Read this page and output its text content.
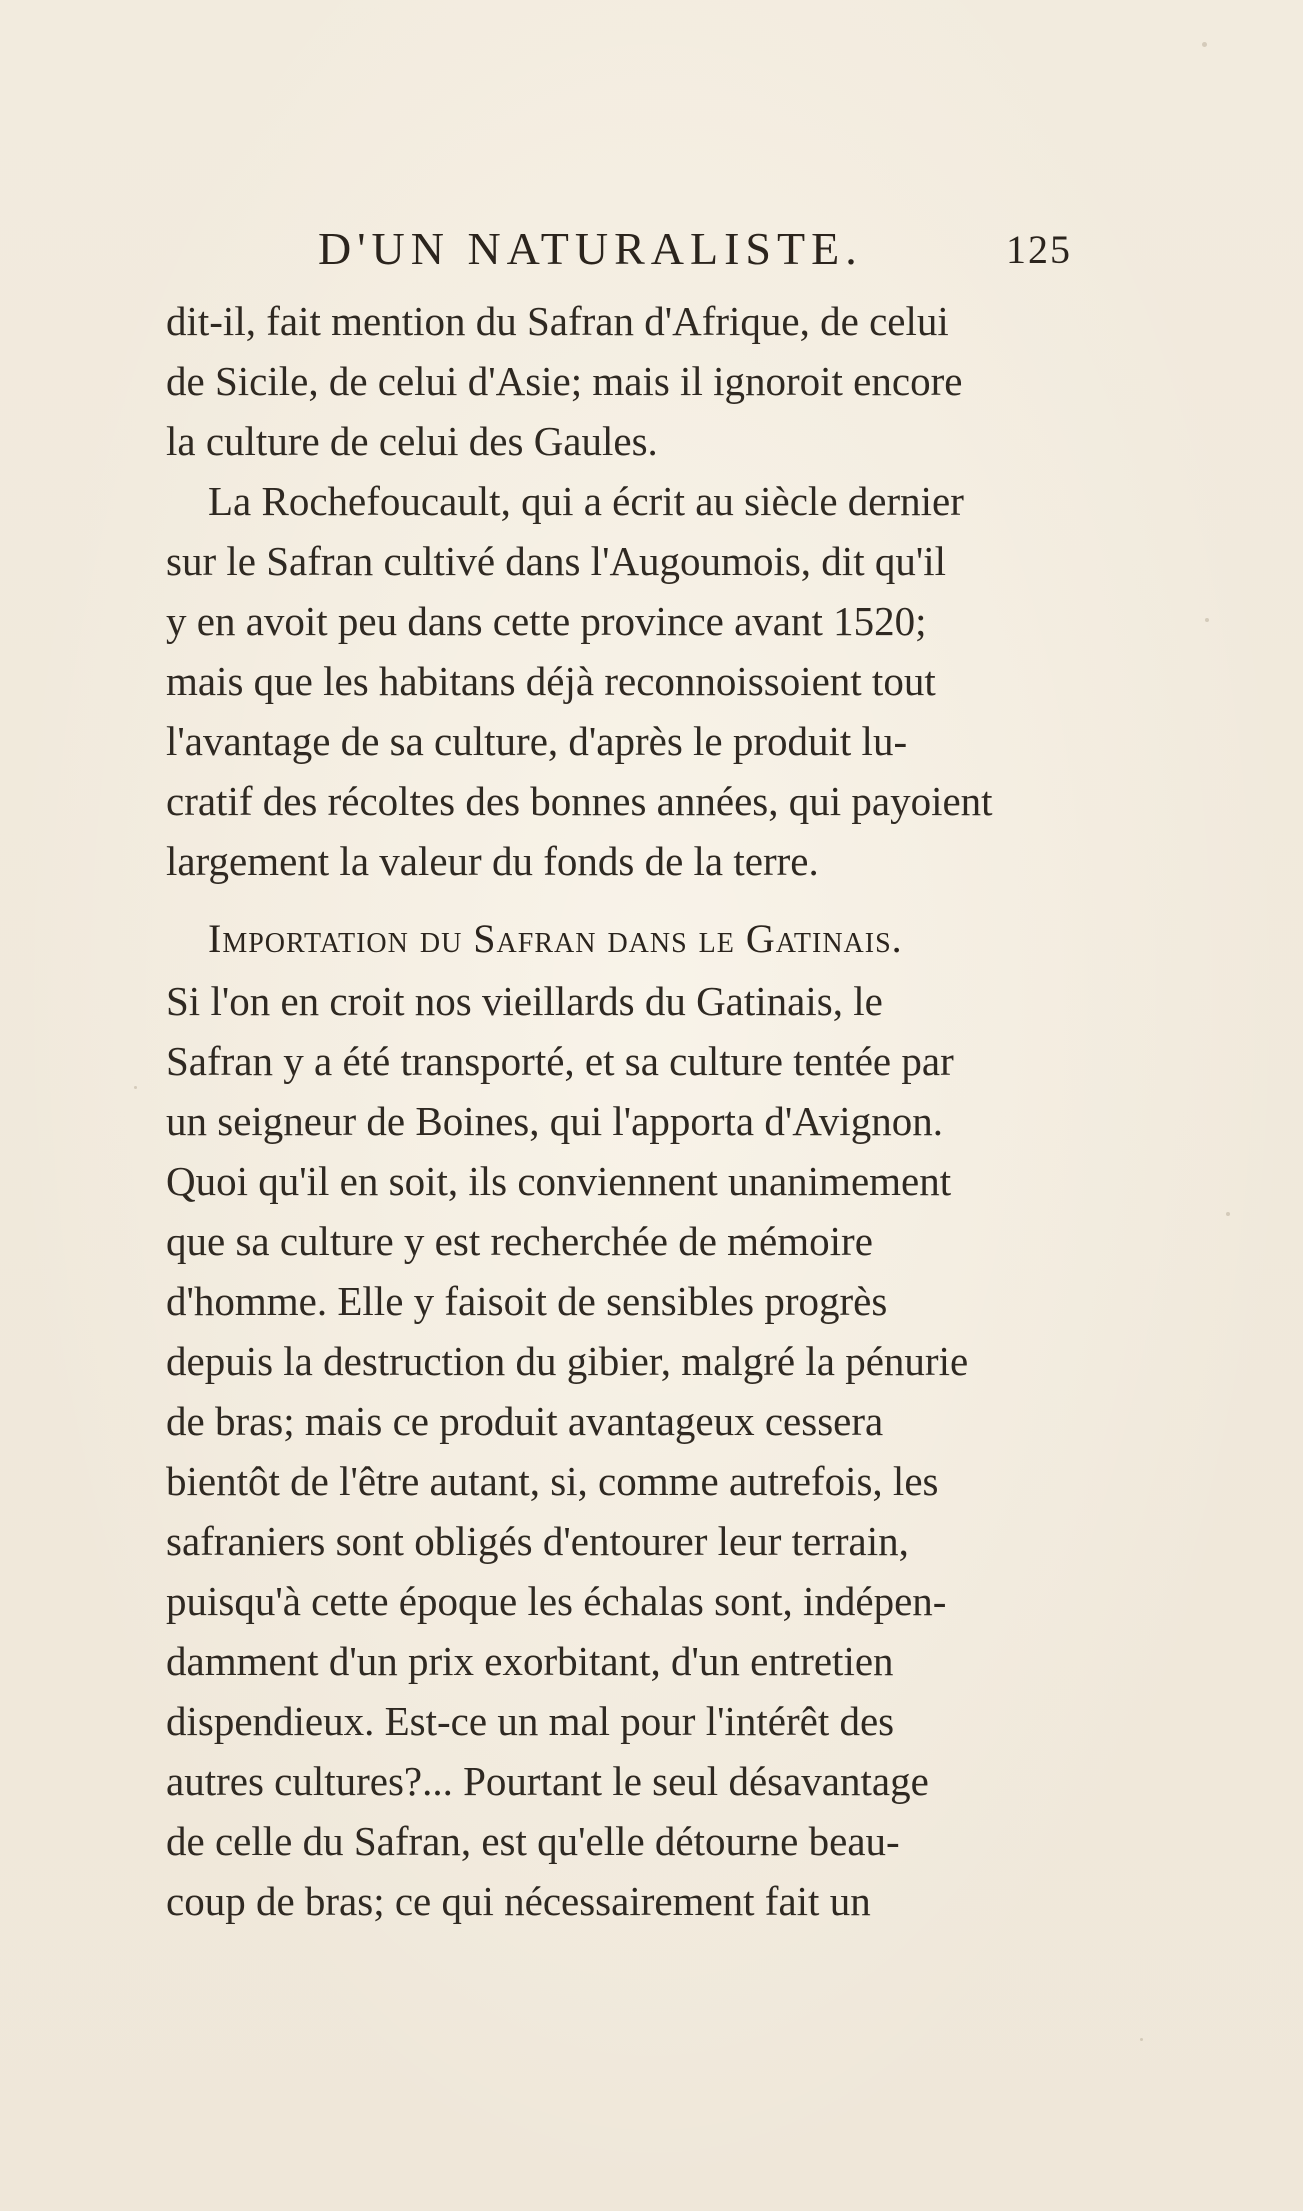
D'UN NATURALISTE.	125
dit-il, fait mention du Safran d'Afrique, de celui
de Sicile, de celui d'Asie; mais il ignoroit encore
la culture de celui des Gaules.
La Rochefoucault, qui a écrit au siècle dernier
sur le Safran cultivé dans l'Augoumois, dit qu'il
y en avoit peu dans cette province avant 1520;
mais que les habitans déjà reconnoissoient tout
l'avantage de sa culture, d'après le produit lu-
cratif des récoltes des bonnes années, qui payoient
largement la valeur du fonds de la terre.
Importation du Safran dans le Gatinais.
Si l'on en croit nos vieillards du Gatinais, le
Safran y a été transporté, et sa culture tentée par
un seigneur de Boines, qui l'apporta d'Avignon.
Quoi qu'il en soit, ils conviennent unanimement
que sa culture y est recherchée de mémoire
d'homme. Elle y faisoit de sensibles progrès
depuis la destruction du gibier, malgré la pénurie
de bras; mais ce produit avantageux cessera
bientôt de l'être autant, si, comme autrefois, les
safraniers sont obligés d'entourer leur terrain,
puisqu'à cette époque les échalas sont, indépen-
damment d'un prix exorbitant, d'un entretien
dispendieux. Est-ce un mal pour l'intérêt des
autres cultures?... Pourtant le seul désavantage
de celle du Safran, est qu'elle détourne beau-
coup de bras; ce qui nécessairement fait un
